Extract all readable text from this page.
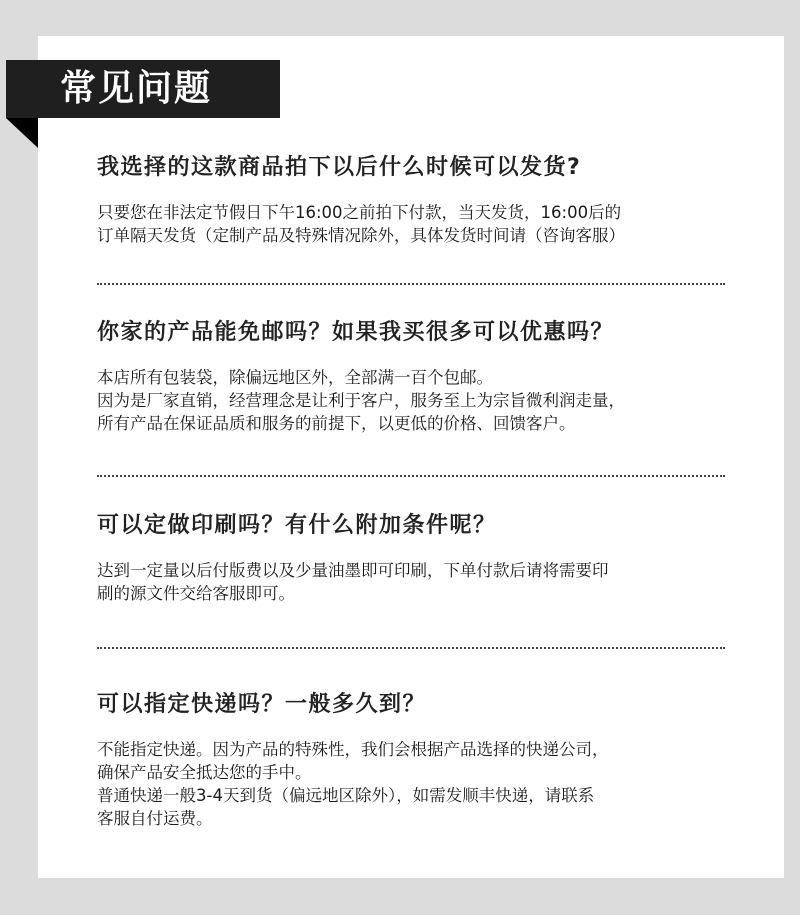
常见问题
我选择的这款商品拍下以后什么时候可以发货?
只要您在非法定节假日下午16:00之前拍下付款，当天发货，16:00后的
订单隔天发货（定制产品及特殊情况除外，具体发货时间请（咨询客服）
你家的产品能免邮吗？如果我买很多可以优惠吗？
本店所有包装袋，除偏远地区外，全部满一百个包邮。
因为是厂家直销，经营理念是让利于客户，服务至上为宗旨微利润走量，
所有产品在保证品质和服务的前提下，以更低的价格、回馈客户。
可以定做印刷吗？有什么附加条件呢？
达到一定量以后付版费以及少量油墨即可印刷，下单付款后请将需要印
刷的源文件交给客服即可。
可以指定快递吗？一般多久到？
不能指定快递。因为产品的特殊性，我们会根据产品选择的快递公司，
确保产品安全抵达您的手中。
普通快递一般3-4天到货（偏远地区除外），如需发顺丰快递，请联系
客服自付运费。
